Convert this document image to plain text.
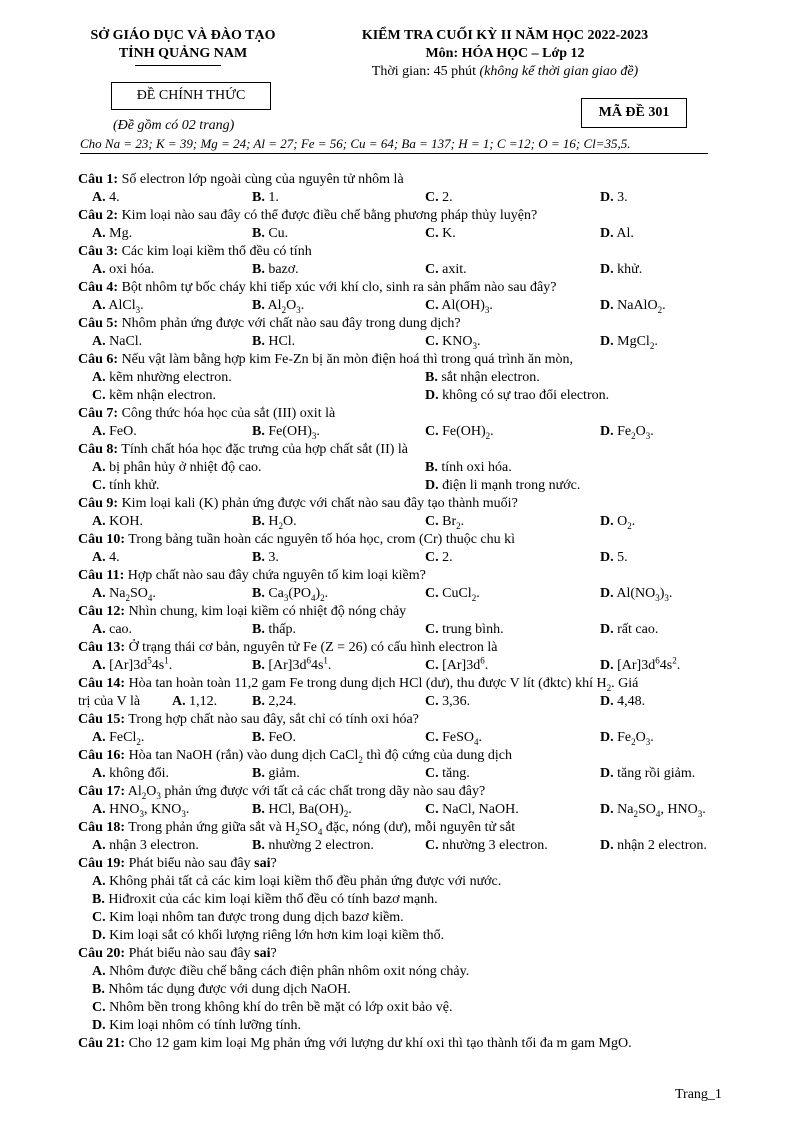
SỞ GIÁO DỤC VÀ ĐÀO TẠO
TỈNH QUẢNG NAM
KIỂM TRA CUỐI KỲ II NĂM HỌC 2022-2023
Môn: HÓA HỌC – Lớp 12
Thời gian: 45 phút (không kể thời gian giao đề)
ĐỀ CHÍNH THỨC
MÃ ĐỀ 301
(Đề gồm có 02 trang)
Cho Na = 23; K = 39; Mg = 24; Al = 27; Fe = 56; Cu = 64; Ba = 137; H = 1; C =12; O = 16; Cl=35,5.
Câu 1: Số electron lớp ngoài cùng của nguyên tử nhôm là
A. 4.	B. 1.	C. 2.	D. 3.
Câu 2: Kim loại nào sau đây có thể được điều chế bằng phương pháp thủy luyện?
A. Mg.	B. Cu.	C. K.	D. Al.
Câu 3: Các kim loại kiềm thổ đều có tính
A. oxi hóa.	B. bazơ.	C. axit.	D. khử.
Câu 4: Bột nhôm tự bốc cháy khi tiếp xúc với khí clo, sinh ra sản phẩm nào sau đây?
A. AlCl$_3$.	B. $Al_2O_3$.	C. $Al(OH)_3$.	D. NaAlO$_2$.
Câu 5: Nhôm phản ứng được với chất nào sau đây trong dung dịch?
A. NaCl.	B. HCl.	C. $KNO_3$.	D. MgCl$_2$.
Câu 6: Nếu vật làm bằng hợp kim Fe-Zn bị ăn mòn điện hoá thì trong quá trình ăn mòn,
A. kẽm nhường electron.	B. sắt nhận electron.
C. kẽm nhận electron.	D. không có sự trao đổi electron.
Câu 7: Công thức hóa học của sắt (III) oxit là
A. FeO.	B. $Fe(OH)_3$.	C. $Fe(OH)_2$.	D. $Fe_2O_3$.
Câu 8: Tính chất hóa học đặc trưng của hợp chất sắt (II) là
A. bị phân hủy ở nhiệt độ cao.	B. tính oxi hóa.
C. tính khử.	D. điện li mạnh trong nước.
Câu 9: Kim loại kali (K) phản ứng được với chất nào sau đây tạo thành muối?
A. KOH.	B. $H_2O$.	C. $Br_2$.	D. $O_2$.
Câu 10: Trong bảng tuần hoàn các nguyên tố hóa học, crom (Cr) thuộc chu kì
A. 4.	B. 3.	C. 2.	D. 5.
Câu 11: Hợp chất nào sau đây chứa nguyên tố kim loại kiềm?
A. $Na_2SO_4$.	B. $Ca_3(PO_4)_2$.	C. CuCl$_2$.	D. $Al(NO_3)_3$.
Câu 12: Nhìn chung, kim loại kiềm có nhiệt độ nóng chảy
A. cao.	B. thấp.	C. trung bình.	D. rất cao.
Câu 13: Ở trạng thái cơ bản, nguyên tử Fe (Z = 26) có cấu hình electron là
A. $[Ar]3d^54s^1$.	B. $[Ar]3d^64s^1$.	C. $[Ar]3d^6$.	D. $[Ar]3d^64s^2$.
Câu 14: Hòa tan hoàn toàn 11,2 gam Fe trong dung dịch HCl (dư), thu được V lít (đktc) khí $H_2$. Giá
trị của V là A. 1,12. B. 2,24.	C. 3,36.	D. 4,48.
Câu 15: Trong hợp chất nào sau đây, sắt chỉ có tính oxi hóa?
A. FeCl$_2$.	B. FeO.	C. FeSO$_4$.	D. $Fe_2O_3$.
Câu 16: Hòa tan NaOH (rắn) vào dung dịch CaCl$_2$ thì độ cứng của dung dịch
A. không đổi.	B. giảm.	C. tăng.	D. tăng rồi giảm.
Câu 17: $Al_2O_3$ phản ứng được với tất cả các chất trong dãy nào sau đây?
A. $HNO_3$, $KNO_3$.	B. HCl, $Ba(OH)_2$.	C. NaCl, NaOH.	D. $Na_2SO_4$, $HNO_3$.
Câu 18: Trong phản ứng giữa sắt và $H_2SO_4$ đặc, nóng (dư), mỗi nguyên tử sắt
A. nhận 3 electron.	B. nhường 2 electron.	C. nhường 3 electron.	D. nhận 2 electron.
Câu 19: Phát biểu nào sau đây sai?
A. Không phải tất cả các kim loại kiềm thổ đều phản ứng được với nước.
B. Hiđroxit của các kim loại kiềm thổ đều có tính bazơ mạnh.
C. Kim loại nhôm tan được trong dung dịch bazơ kiềm.
D. Kim loại sắt có khối lượng riêng lớn hơn kim loại kiềm thổ.
Câu 20: Phát biểu nào sau đây sai?
A. Nhôm được điều chế bằng cách điện phân nhôm oxit nóng chảy.
B. Nhôm tác dụng được với dung dịch NaOH.
C. Nhôm bền trong không khí do trên bề mặt có lớp oxit bảo vệ.
D. Kim loại nhôm có tính lưỡng tính.
Câu 21: Cho 12 gam kim loại Mg phản ứng với lượng dư khí oxi thì tạo thành tối đa m gam MgO.
Trang_1
